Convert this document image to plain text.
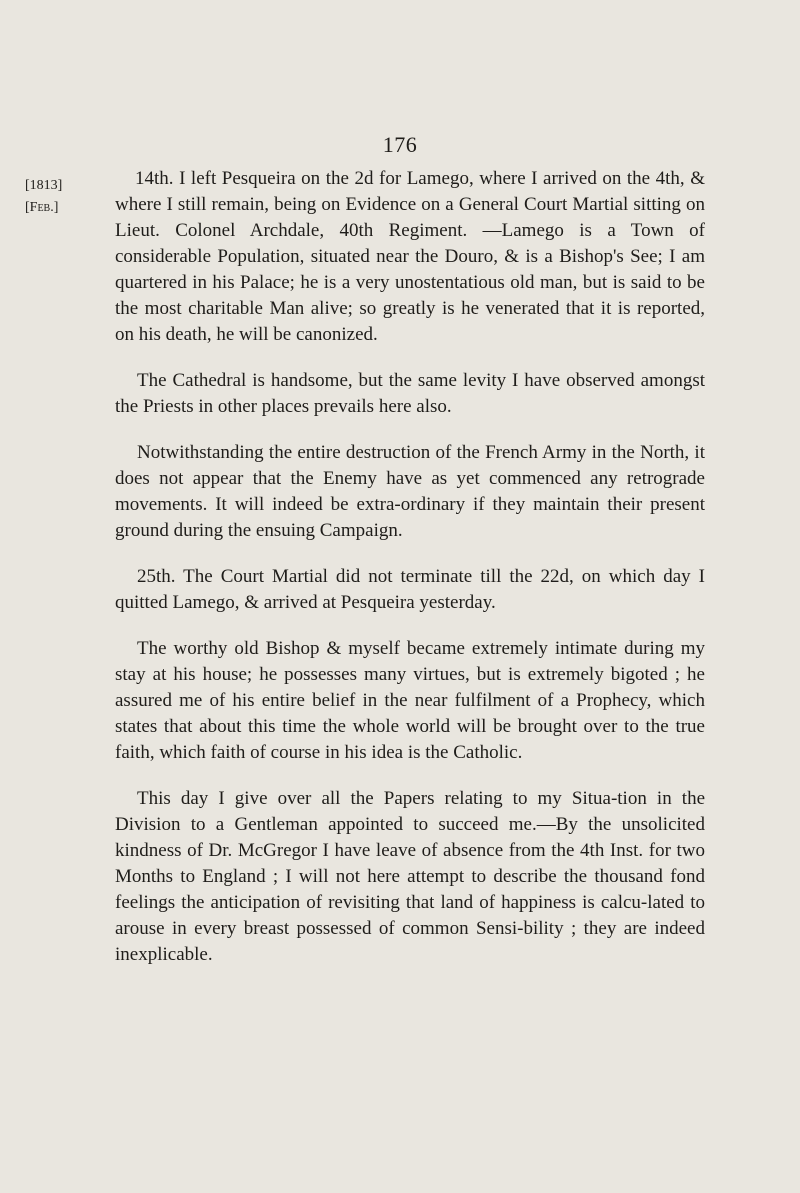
176
[1813]
[Feb.]

14th. I left Pesqueira on the 2d for Lamego, where I arrived on the 4th, & where I still remain, being on Evidence on a General Court Martial sitting on Lieut. Colonel Archdale, 40th Regiment. —Lamego is a Town of considerable Population, situated near the Douro, & is a Bishop's See; I am quartered in his Palace; he is a very unostentatious old man, but is said to be the most charitable Man alive; so greatly is he venerated that it is reported, on his death, he will be canonized.

The Cathedral is handsome, but the same levity I have observed amongst the Priests in other places prevails here also.

Notwithstanding the entire destruction of the French Army in the North, it does not appear that the Enemy have as yet commenced any retrograde movements. It will indeed be extra-ordinary if they maintain their present ground during the ensuing Campaign.

25th. The Court Martial did not terminate till the 22d, on which day I quitted Lamego, & arrived at Pesqueira yesterday.

The worthy old Bishop & myself became extremely intimate during my stay at his house; he possesses many virtues, but is extremely bigoted ; he assured me of his entire belief in the near fulfilment of a Prophecy, which states that about this time the whole world will be brought over to the true faith, which faith of course in his idea is the Catholic.

This day I give over all the Papers relating to my Situa-tion in the Division to a Gentleman appointed to succeed me.—By the unsolicited kindness of Dr. McGregor I have leave of absence from the 4th Inst. for two Months to England ; I will not here attempt to describe the thousand fond feelings the anticipation of revisiting that land of happiness is calcu-lated to arouse in every breast possessed of common Sensi-bility ; they are indeed inexplicable.
